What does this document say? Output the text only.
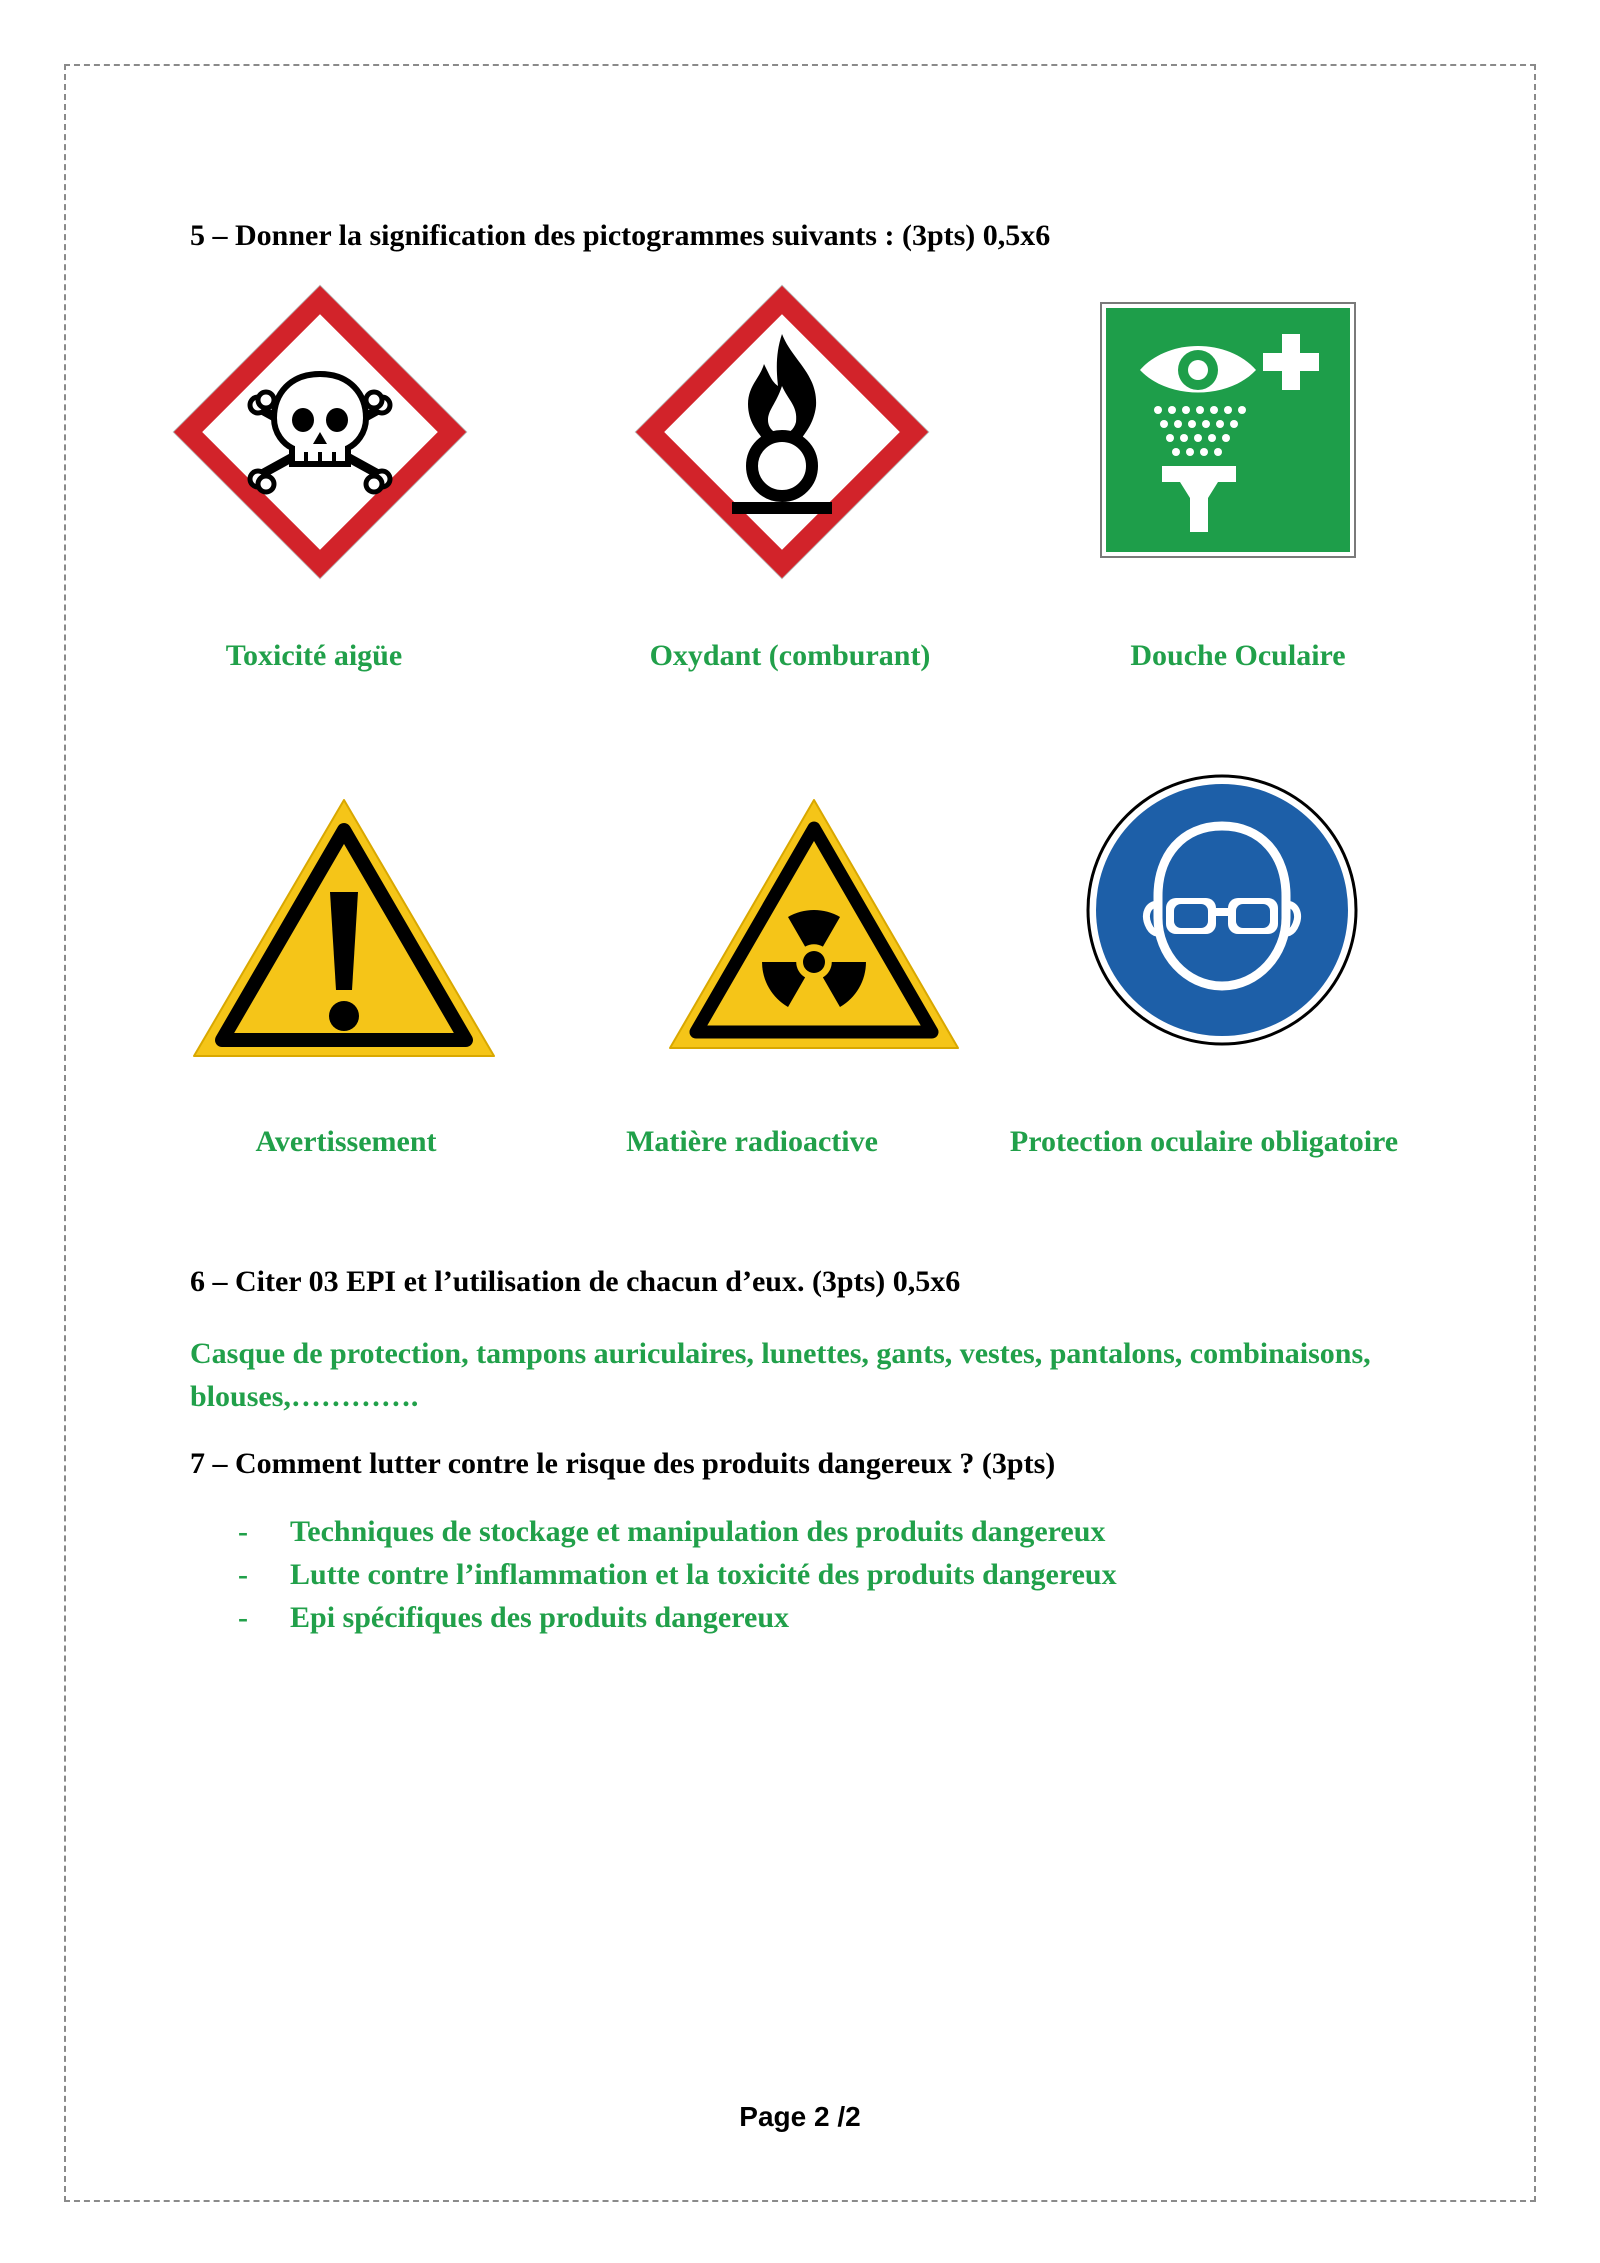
5 – Donner la signification des pictogrammes suivants : (3pts) 0,5x6
Toxicité aigüe	Oxydant (comburant)	Douche Oculaire
Avertissement	Matière radioactive	Protection oculaire obligatoire
6 – Citer 03 EPI et l’utilisation de chacun d’eux. (3pts) 0,5x6
Casque de protection, tampons auriculaires, lunettes, gants, vestes, pantalons, combinaisons, blouses,………….
7 – Comment lutter contre le risque des produits dangereux ? (3pts)
- Techniques de stockage et manipulation des produits dangereux
- Lutte contre l’inflammation et la toxicité des produits dangereux
- Epi spécifiques des produits dangereux
Page 2 /2
